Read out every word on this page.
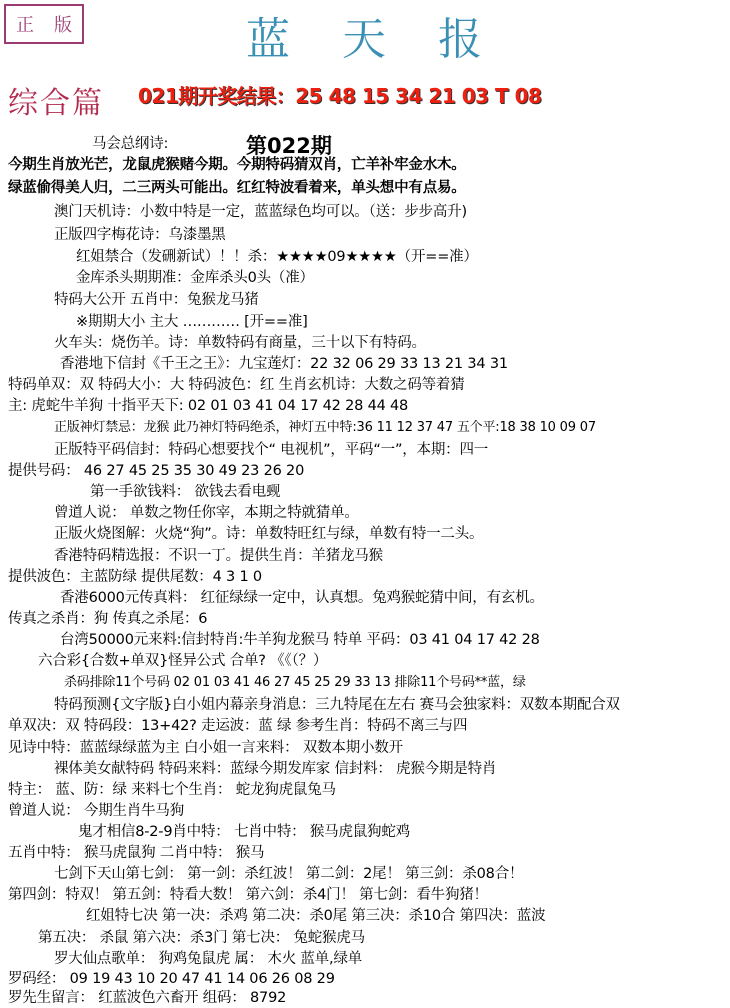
正 版	蓝天报
综合篇 021期开奖结果：25 48 15 34 21 03 T 08
第022期
马会总纲诗:
今期生肖放光芒，龙鼠虎猴赌今期。今期特码猜双肖，亡羊补牢金水木。
绿蓝偷得美人归，二三两头可能出。红红特波看着来，单头想中有点易。
澳门天机诗：小数中特是一定，蓝蓝绿色均可以。（送：步步高升)
正版四字梅花诗：乌漆墨黑
红姐禁合（发硎新试）！！杀：★★★★09★★★★（开==准）
金库杀头期期准：金库杀头0头（准）
特码大公开 五肖中：兔猴龙马猪
※期期大小 主大 ………… [开==准]
火车头：烧伤羊。诗：单数特码有商量，三十以下有特码。
香港地下信封《千王之王》：九宝莲灯：22 32 06 29 33 13 21 34 31
特码单双：双 特码大小：大 特码波色：红 生肖玄机诗：大数之码等着猜
主: 虎蛇牛羊狗 十指平天下: 02 01 03 41 04 17 42 28 44 48
正版神灯禁忌：龙猴 此乃神灯特码绝杀，神灯五中特:36 11 12 37 47 五个平:18 38 10 09 07
正版特平码信封：特码心想要找个“ 电视机”，平码“一”，本期：四一
提供号码： 46 27 45 25 35 30 49 23 26 20
第一手欲钱料： 欲钱去看电觋
曾道人说： 单数之物任你宰，本期之特就猜单。
正版火烧图解：火烧“狗”。诗：单数特旺红与绿，单数有特一二头。
香港特码精选报：不识一丁。提供生肖：羊猪龙马猴
提供波色：主蓝防绿 提供尾数：4 3 1 0
香港6000元传真料： 红征绿绿一定中，认真想。兔鸡猴蛇猜中间，有玄机。
传真之杀肖：狗 传真之杀尾：6
台湾50000元来料:信封特肖:牛羊狗龙猴马 特单 平码：03 41 04 17 42 28
六合彩{合数+单双}怪异公式 合单? 《《（？）
杀码排除11个号码 02 01 03 41 46 27 45 25 29 33 13 排除11个号码**蓝，绿
特码预测{文字版}白小姐内幕亲身消息：三九特尾在左右 赛马会独家料：双数本期配合双
单双决：双 特码段：13+42? 走运波：蓝 绿 参考生肖：特码不离三与四
见诗中特：蓝蓝绿绿蓝为主 白小姐一言来料： 双数本期小数开
裸体美女献特码 特码来料：蓝绿今期发库家 信封料： 虎猴今期是特肖
特主： 蓝、防：绿 来料七个生肖： 蛇龙狗虎鼠兔马
曾道人说： 今期生肖牛马狗
鬼才相信8-2-9肖中特： 七肖中特： 猴马虎鼠狗蛇鸡
五肖中特： 猴马虎鼠狗 二肖中特： 猴马
七剑下天山第七剑： 第一剑：杀红波！ 第二剑：2尾！ 第三剑：杀08合！
第四剑：特双！ 第五剑：特看大数！ 第六剑：杀4门！ 第七剑：看牛狗猪！
红姐特七决 第一决：杀鸡 第二决：杀0尾 第三决：杀10合 第四决：蓝波
第五决： 杀鼠 第六决：杀3门 第七决： 兔蛇猴虎马
罗大仙点歌单： 狗鸡兔鼠虎 属： 木火 蓝单,绿单
罗码经： 09 19 43 10 20 47 41 14 06 26 08 29
罗先生留言： 红蓝波色六畜开 组码： 8792
